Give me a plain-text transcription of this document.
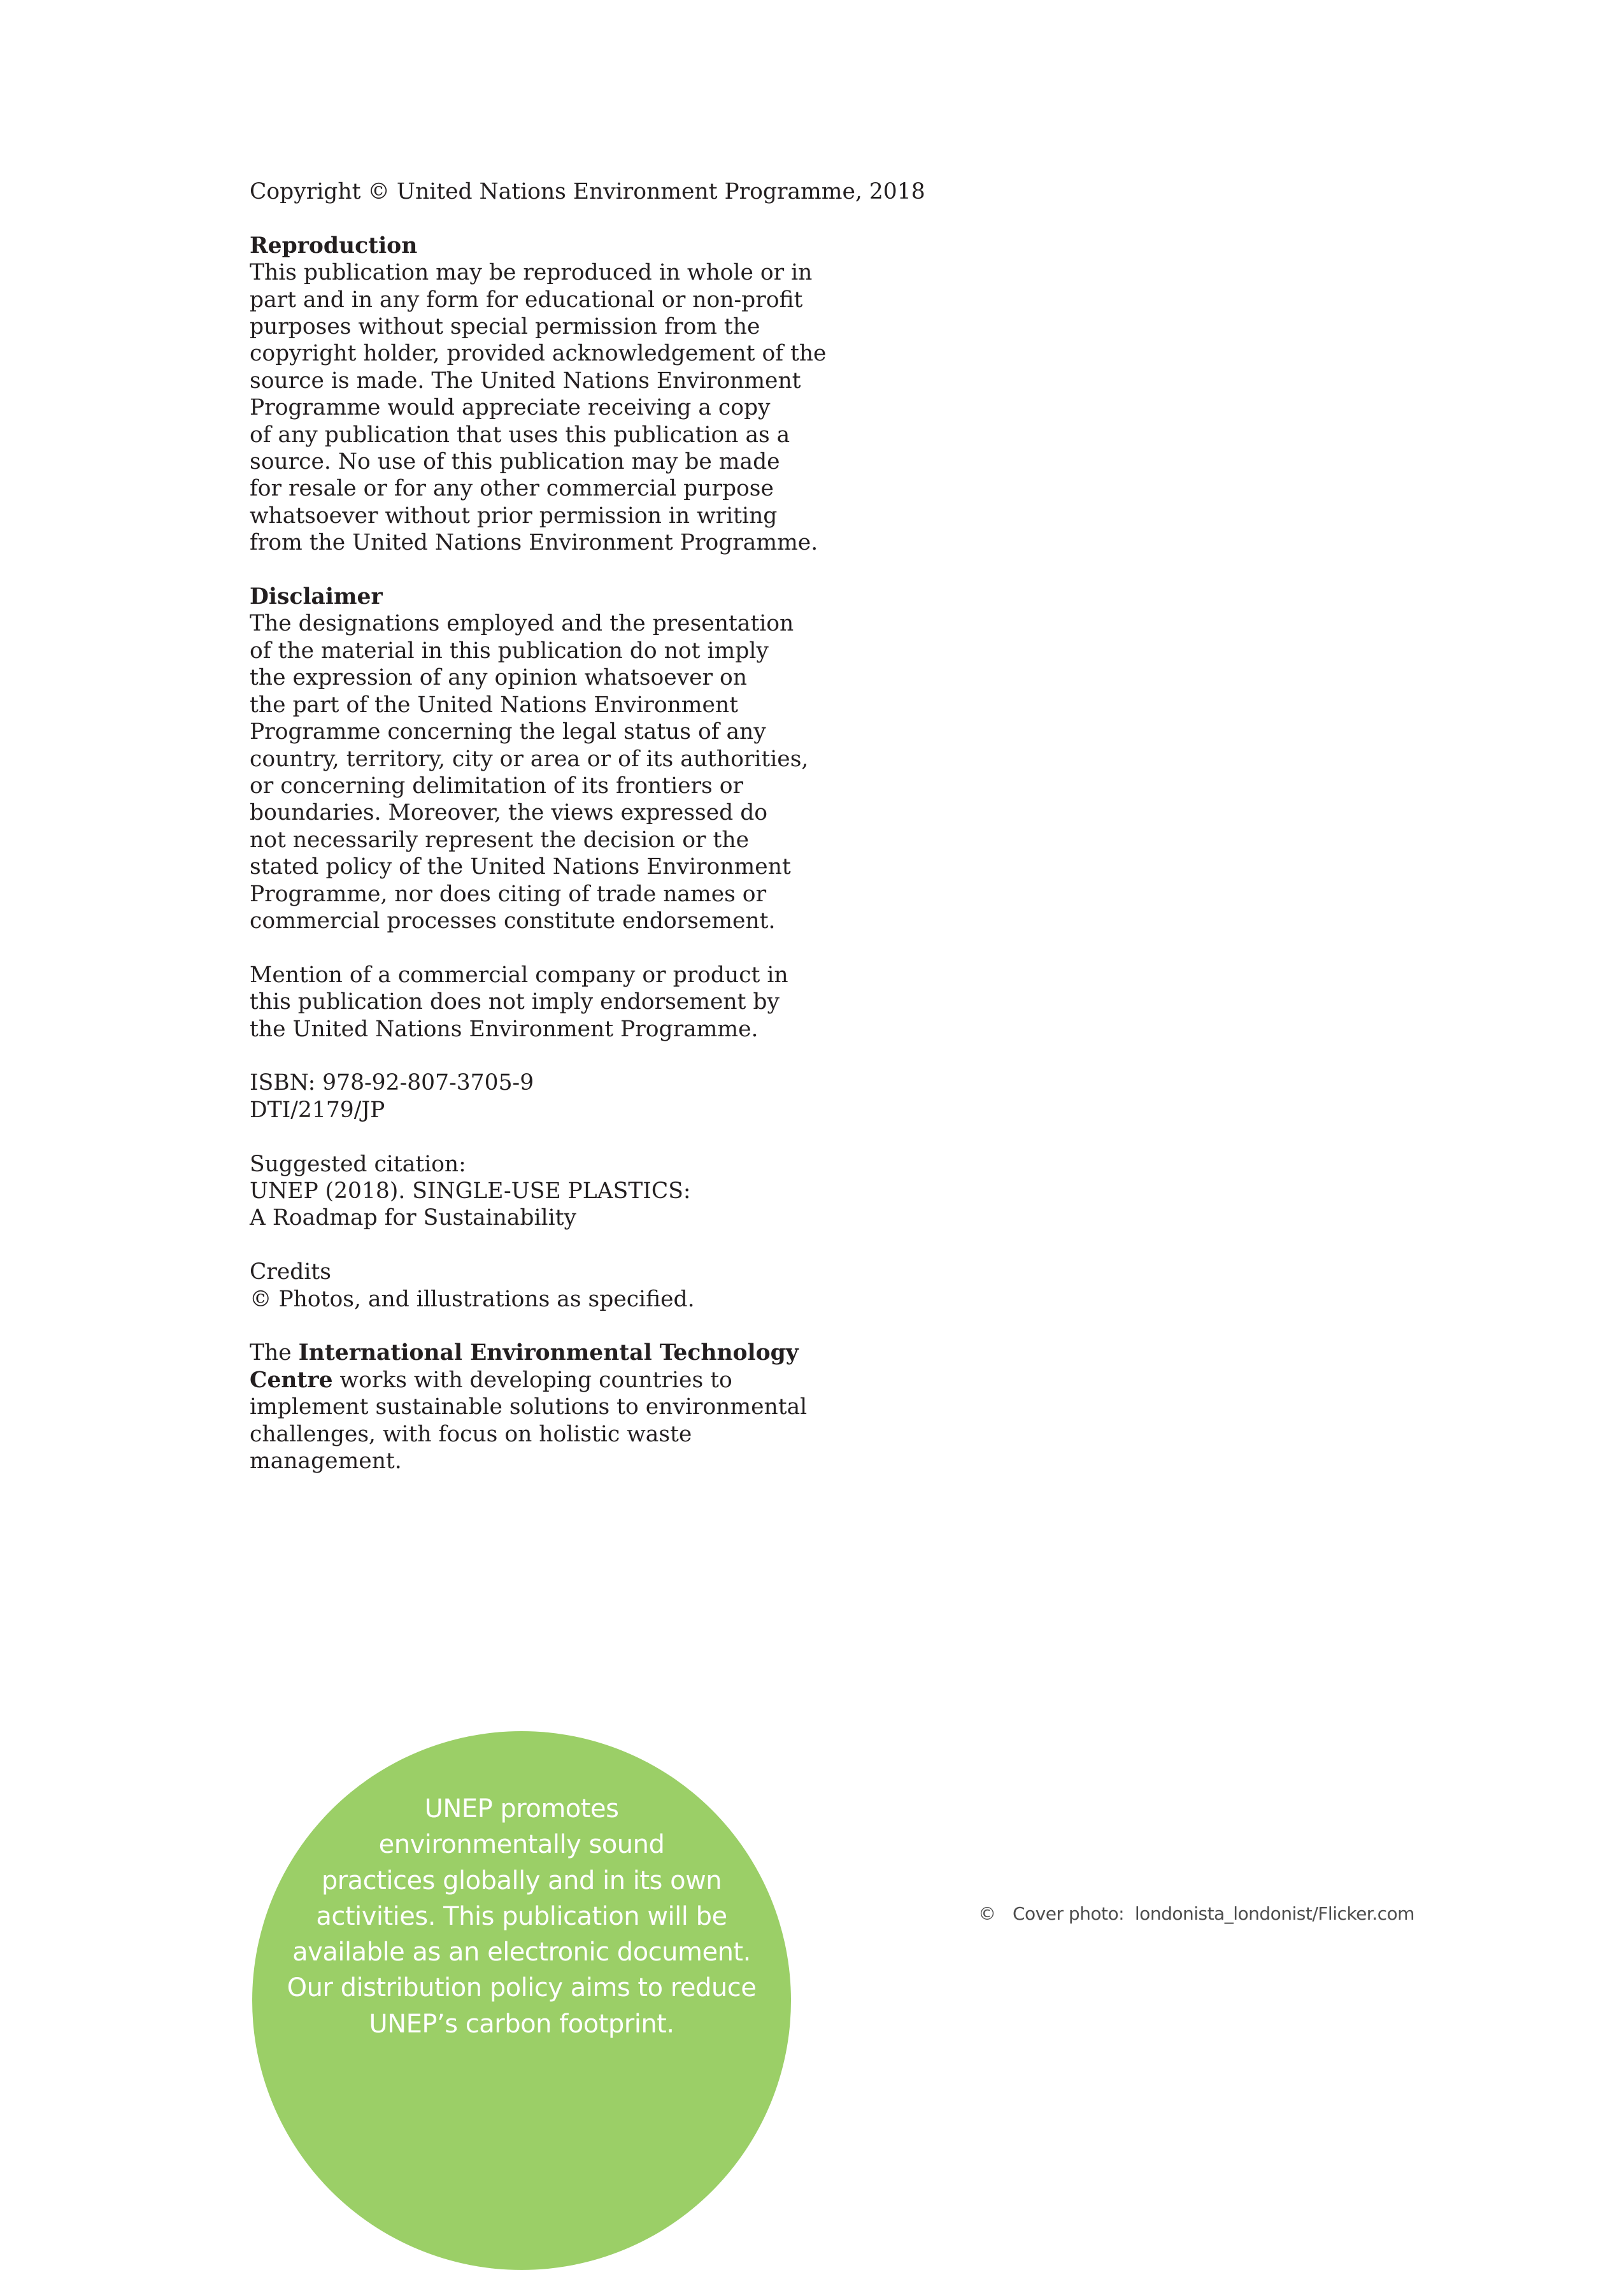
Copyright © United Nations Environment Programme, 2018

Reproduction
This publication may be reproduced in whole or in
part and in any form for educational or non-profit
purposes without special permission from the
copyright holder, provided acknowledgement of the
source is made. The United Nations Environment
Programme would appreciate receiving a copy
of any publication that uses this publication as a
source. No use of this publication may be made
for resale or for any other commercial purpose
whatsoever without prior permission in writing
from the United Nations Environment Programme.

Disclaimer
The designations employed and the presentation
of the material in this publication do not imply
the expression of any opinion whatsoever on
the part of the United Nations Environment
Programme concerning the legal status of any
country, territory, city or area or of its authorities,
or concerning delimitation of its frontiers or
boundaries. Moreover, the views expressed do
not necessarily represent the decision or the
stated policy of the United Nations Environment
Programme, nor does citing of trade names or
commercial processes constitute endorsement.

Mention of a commercial company or product in
this publication does not imply endorsement by
the United Nations Environment Programme.

ISBN: 978-92-807-3705-9
DTI/2179/JP

Suggested citation:
UNEP (2018). SINGLE-USE PLASTICS:
A Roadmap for Sustainability

Credits
© Photos, and illustrations as specified.

The International Environmental Technology
Centre works with developing countries to
implement sustainable solutions to environmental
challenges, with focus on holistic waste
management.

UNEP promotes
environmentally sound
practices globally and in its own
activities. This publication will be
available as an electronic document.
Our distribution policy aims to reduce
UNEP’s carbon footprint.
© Cover photo: londonista_londonist/Flicker.com
